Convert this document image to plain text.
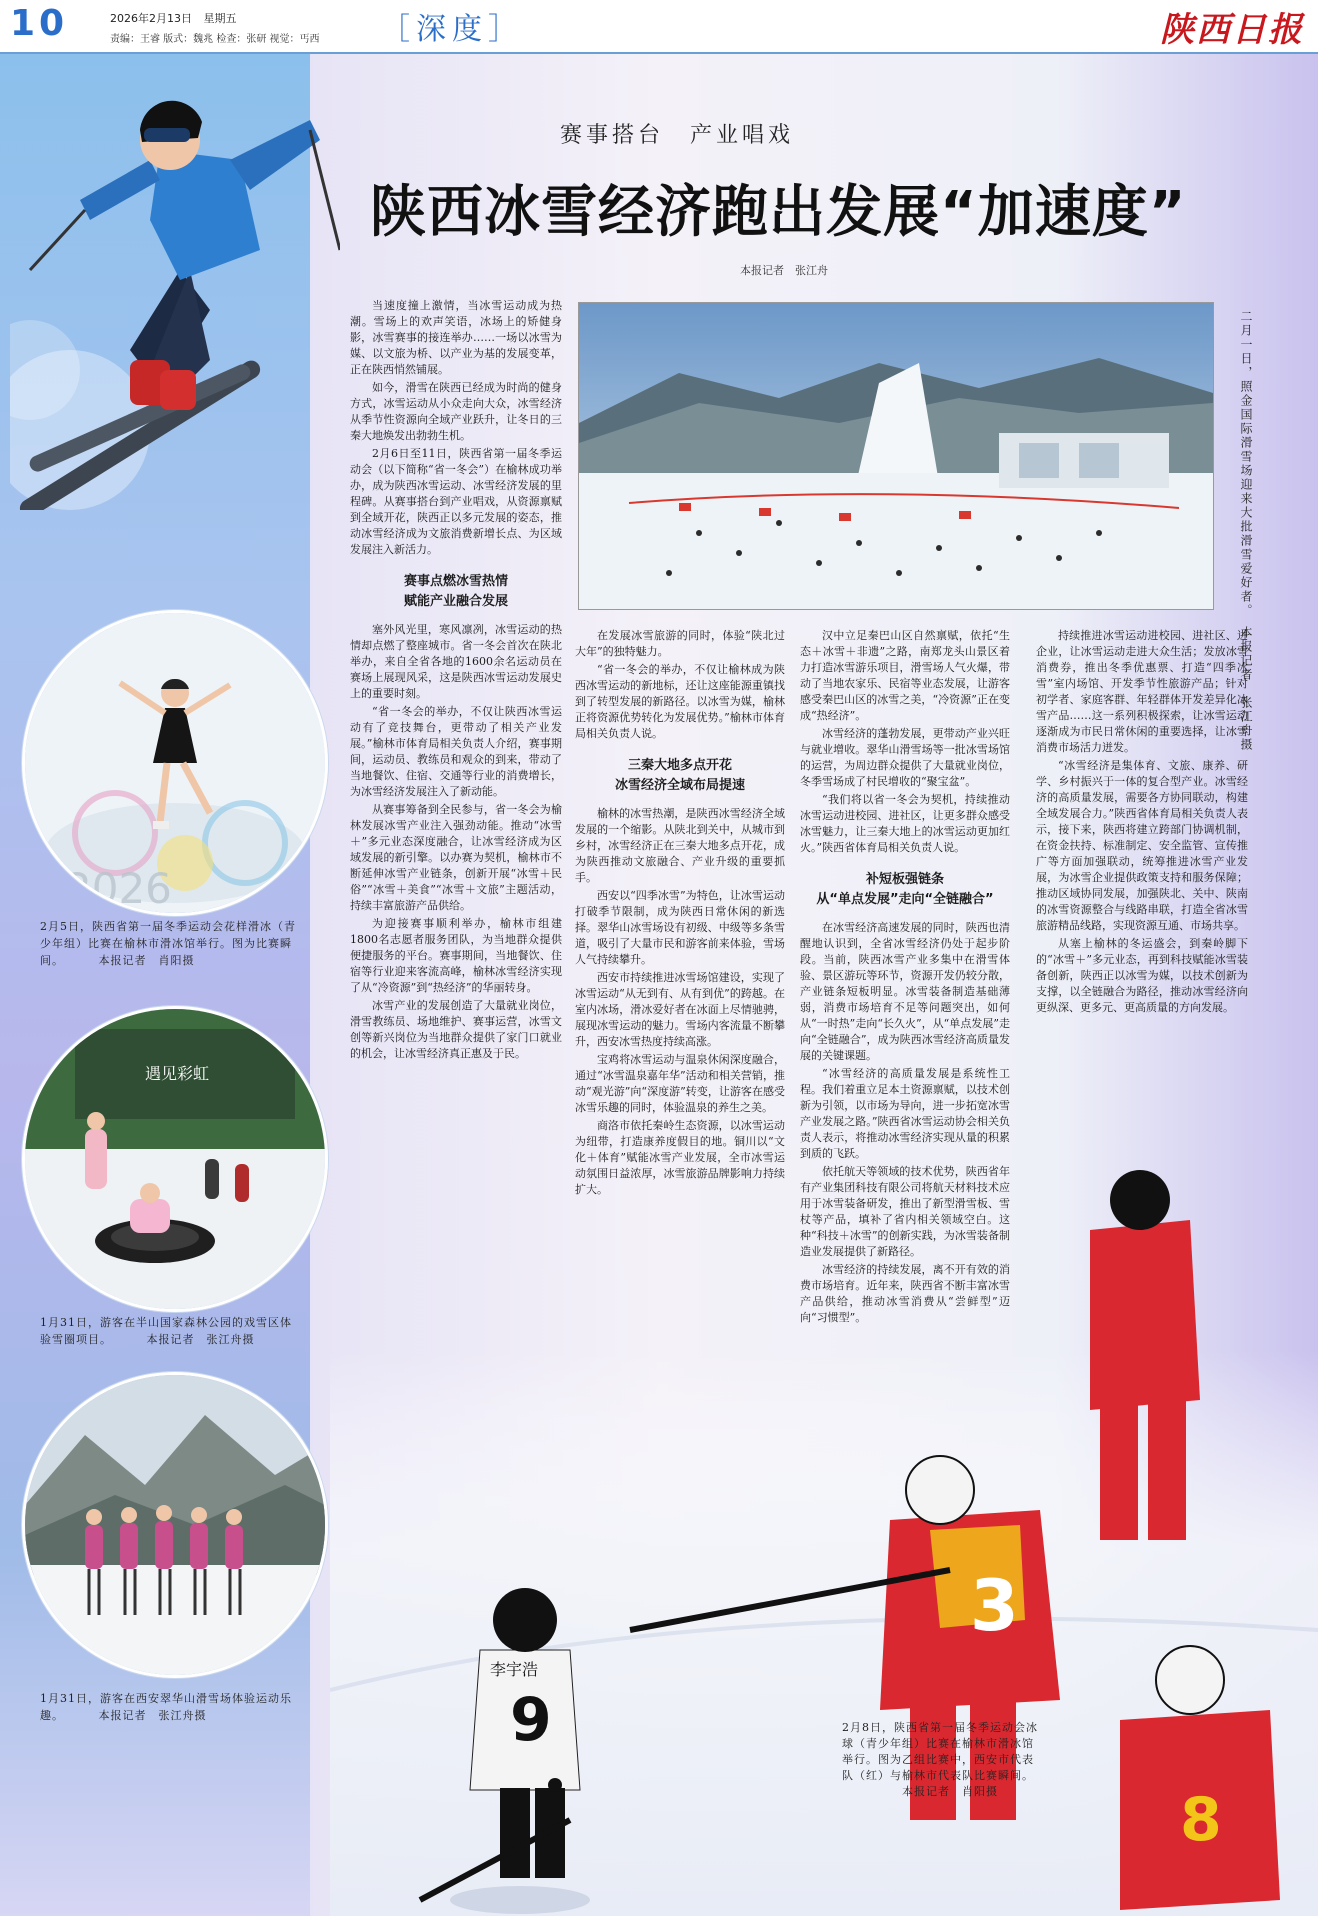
10	2026年2月13日 星期五
责编：王睿 版式：魏兆 检查：张研 视觉：丐西 ［深度］	陕西日报
2026
2月5日，陕西省第一届冬季运动会花样滑冰（青少年组）比赛在榆林市滑冰馆举行。图为比赛瞬间。	本报记者　肖阳摄
遇见彩虹
1月31日，游客在半山国家森林公园的戏雪区体验雪圈项目。	本报记者　张江舟摄
1月31日，游客在西安翠华山滑雪场体验运动乐趣。	本报记者　张江舟摄
赛事搭台　产业唱戏
陕西冰雪经济跑出发展“加速度”
本报记者　张江舟
二月一日，照金国际滑雪场迎来大批滑雪爱好者。　本报记者　张江舟摄

当速度撞上激情，当冰雪运动成为热潮。雪场上的欢声笑语，冰场上的矫健身影，冰雪赛事的接连举办……一场以冰雪为媒、以文旅为桥、以产业为基的发展变革，正在陕西悄然铺展。

如今，滑雪在陕西已经成为时尚的健身方式，冰雪运动从小众走向大众，冰雪经济从季节性资源向全域产业跃升，让冬日的三秦大地焕发出勃勃生机。

2月6日至11日，陕西省第一届冬季运动会（以下简称“省一冬会”）在榆林成功举办，成为陕西冰雪运动、冰雪经济发展的里程碑。从赛事搭台到产业唱戏，从资源禀赋到全域开花，陕西正以多元发展的姿态，推动冰雪经济成为文旅消费新增长点、为区域发展注入新活力。

赛事点燃冰雪热情
赋能产业融合发展

塞外风光里，寒风凛冽，冰雪运动的热情却点燃了整座城市。省一冬会首次在陕北举办，来自全省各地的1600余名运动员在赛场上展现风采，这是陕西冰雪运动发展史上的重要时刻。

“省一冬会的举办，不仅让陕西冰雪运动有了竞技舞台，更带动了相关产业发展。”榆林市体育局相关负责人介绍，赛事期间，运动员、教练员和观众的到来，带动了当地餐饮、住宿、交通等行业的消费增长，为冰雪经济发展注入了新动能。

从赛事筹备到全民参与，省一冬会为榆林发展冰雪产业注入强劲动能。推动“冰雪＋”多元业态深度融合，让冰雪经济成为区域发展的新引擎。以办赛为契机，榆林市不断延伸冰雪产业链条，创新开展“冰雪＋民俗”“冰雪＋美食”“冰雪＋文旅”主题活动，持续丰富旅游产品供给。

为迎接赛事顺利举办，榆林市组建1800名志愿者服务团队，为当地群众提供便捷服务的平台。赛事期间，当地餐饮、住宿等行业迎来客流高峰，榆林冰雪经济实现了从“冷资源”到“热经济”的华丽转身。

冰雪产业的发展创造了大量就业岗位，滑雪教练员、场地维护、赛事运营，冰雪文创等新兴岗位为当地群众提供了家门口就业的机会，让冰雪经济真正惠及于民。

在发展冰雪旅游的同时，体验“陕北过大年”的独特魅力。

“省一冬会的举办，不仅让榆林成为陕西冰雪运动的新地标，还让这座能源重镇找到了转型发展的新路径。以冰雪为媒，榆林正将资源优势转化为发展优势。”榆林市体育局相关负责人说。

三秦大地多点开花
冰雪经济全域布局提速

榆林的冰雪热潮，是陕西冰雪经济全域发展的一个缩影。从陕北到关中，从城市到乡村，冰雪经济正在三秦大地多点开花，成为陕西推动文旅融合、产业升级的重要抓手。

西安以“四季冰雪”为特色，让冰雪运动打破季节限制，成为陕西日常休闲的新选择。翠华山冰雪场设有初级、中级等多条雪道，吸引了大量市民和游客前来体验，雪场人气持续攀升。

西安市持续推进冰雪场馆建设，实现了冰雪运动“从无到有、从有到优”的跨越。在室内冰场，滑冰爱好者在冰面上尽情驰骋，展现冰雪运动的魅力。雪场内客流量不断攀升，西安冰雪热度持续高涨。

宝鸡将冰雪运动与温泉休闲深度融合，通过“冰雪温泉嘉年华”活动和相关营销，推动“观光游”向“深度游”转变，让游客在感受冰雪乐趣的同时，体验温泉的养生之美。

商洛市依托秦岭生态资源，以冰雪运动为纽带，打造康养度假目的地。铜川以“文化＋体育”赋能冰雪产业发展，全市冰雪运动氛围日益浓厚，冰雪旅游品牌影响力持续扩大。

汉中立足秦巴山区自然禀赋，依托“生态＋冰雪＋非遗”之路，南郑龙头山景区着力打造冰雪游乐项目，滑雪场人气火爆，带动了当地农家乐、民宿等业态发展，让游客感受秦巴山区的冰雪之美，“冷资源”正在变成“热经济”。

冰雪经济的蓬勃发展，更带动产业兴旺与就业增收。翠华山滑雪场等一批冰雪场馆的运营，为周边群众提供了大量就业岗位，冬季雪场成了村民增收的“聚宝盆”。

“我们将以省一冬会为契机，持续推动冰雪运动进校园、进社区，让更多群众感受冰雪魅力，让三秦大地上的冰雪运动更加红火。”陕西省体育局相关负责人说。

补短板强链条
从“单点发展”走向“全链融合”

在冰雪经济高速发展的同时，陕西也清醒地认识到，全省冰雪经济仍处于起步阶段。当前，陕西冰雪产业多集中在滑雪体验、景区游玩等环节，资源开发仍较分散，产业链条短板明显。冰雪装备制造基础薄弱，消费市场培育不足等问题突出，如何从“一时热”走向“长久火”，从“单点发展”走向“全链融合”，成为陕西冰雪经济高质量发展的关键课题。

“冰雪经济的高质量发展是系统性工程。我们着重立足本土资源禀赋，以技术创新为引领，以市场为导向，进一步拓宽冰雪产业发展之路。”陕西省冰雪运动协会相关负责人表示，将推动冰雪经济实现从量的积累到质的飞跃。

依托航天等领域的技术优势，陕西省年有产业集团科技有限公司将航天材料技术应用于冰雪装备研发，推出了新型滑雪板、雪杖等产品，填补了省内相关领域空白。这种“科技＋冰雪”的创新实践，为冰雪装备制造业发展提供了新路径。

冰雪经济的持续发展，离不开有效的消费市场培育。近年来，陕西省不断丰富冰雪产品供给，推动冰雪消费从“尝鲜型”迈向“习惯型”。

持续推进冰雪运动进校园、进社区、进企业，让冰雪运动走进大众生活；发放冰雪消费券，推出冬季优惠票、打造“四季冰雪”室内场馆、开发季节性旅游产品；针对初学者、家庭客群、年轻群体开发差异化冰雪产品……这一系列积极探索，让冰雪运动逐渐成为市民日常休闲的重要选择，让冰雪消费市场活力迸发。

“冰雪经济是集体育、文旅、康养、研学、乡村振兴于一体的复合型产业。冰雪经济的高质量发展，需要各方协同联动，构建全域发展合力。”陕西省体育局相关负责人表示，接下来，陕西将建立跨部门协调机制，在资金扶持、标准制定、安全监管、宣传推广等方面加强联动，统筹推进冰雪产业发展，为冰雪企业提供政策支持和服务保障；推动区域协同发展，加强陕北、关中、陕南的冰雪资源整合与线路串联，打造全省冰雪旅游精品线路，实现资源互通、市场共享。

从塞上榆林的冬运盛会，到秦岭脚下的“冰雪＋”多元业态，再到科技赋能冰雪装备创新，陕西正以冰雪为媒，以技术创新为支撑，以全链融合为路径，推动冰雪经济向更纵深、更多元、更高质量的方向发展。

9
李宇浩
3
8
2月8日，陕西省第一届冬季运动会冰球（青少年组）比赛在榆林市滑冰馆举行。图为乙组比赛中，西安市代表队（红）与榆林市代表队比赛瞬间。
本报记者　肖阳摄
